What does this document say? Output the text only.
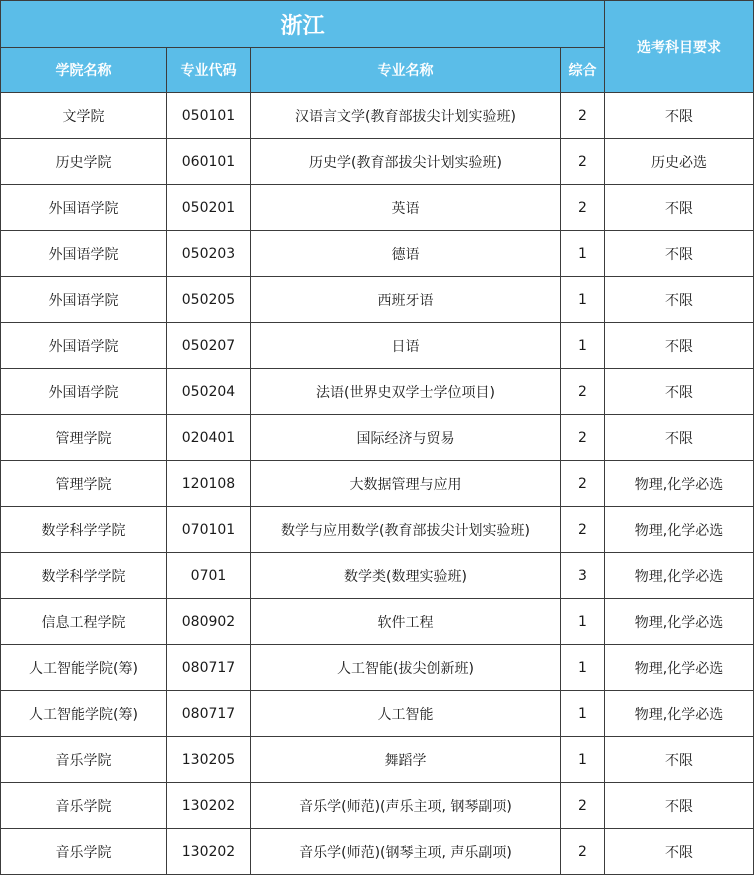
浙江				选考科目要求
学院名称	专业代码	专业名称	综合	
文学院	050101	汉语言文学(教育部拔尖计划实验班)	2	不限
历史学院	060101	历史学(教育部拔尖计划实验班)	2	历史必选
外国语学院	050201	英语	2	不限
外国语学院	050203	德语	1	不限
外国语学院	050205	西班牙语	1	不限
外国语学院	050207	日语	1	不限
外国语学院	050204	法语(世界史双学士学位项目)	2	不限
管理学院	020401	国际经济与贸易	2	不限
管理学院	120108	大数据管理与应用	2	物理,化学必选
数学科学学院	070101	数学与应用数学(教育部拔尖计划实验班)	2	物理,化学必选
数学科学学院	0701	数学类(数理实验班)	3	物理,化学必选
信息工程学院	080902	软件工程	1	物理,化学必选
人工智能学院(筹)	080717	人工智能(拔尖创新班)	1	物理,化学必选
人工智能学院(筹)	080717	人工智能	1	物理,化学必选
音乐学院	130205	舞蹈学	1	不限
音乐学院	130202	音乐学(师范)(声乐主项, 钢琴副项)	2	不限
音乐学院	130202	音乐学(师范)(钢琴主项, 声乐副项)	2	不限
